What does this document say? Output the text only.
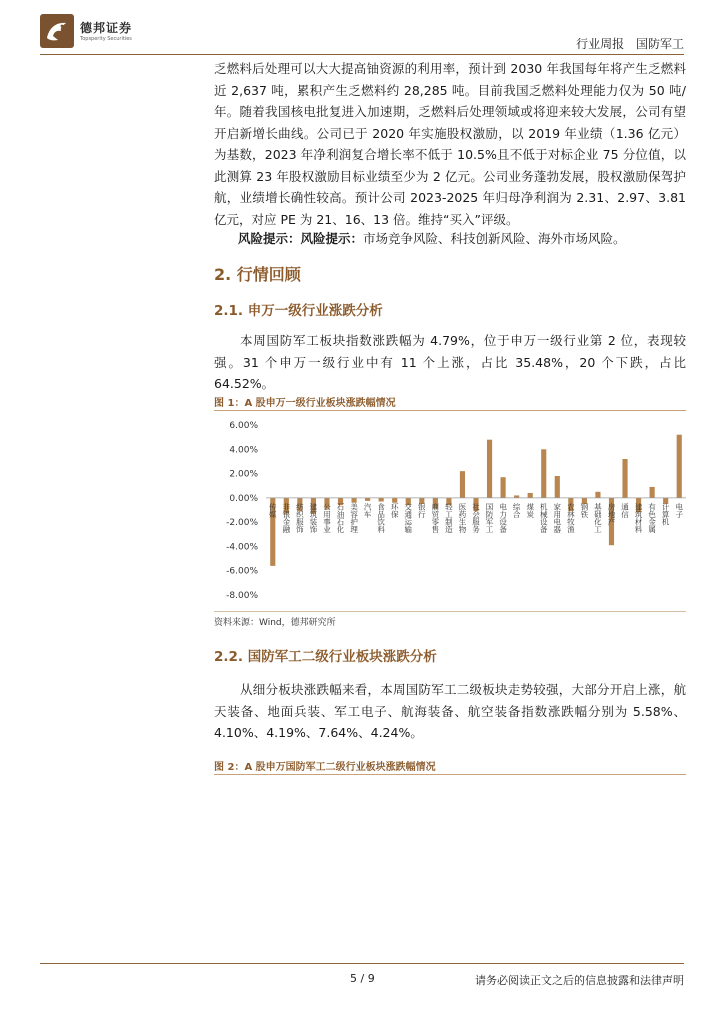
德邦证券
Topsperity Securities	行业周报 国防军工

乏燃料后处理可以大大提高铀资源的利用率，预计到 2030 年我国每年将产生乏燃料近 2,637 吨，累积产生乏燃料约 28,285 吨。目前我国乏燃料处理能力仅为 50 吨/年。随着我国核电批复进入加速期，乏燃料后处理领域或将迎来较大发展，公司有望开启新增长曲线。公司已于 2020 年实施股权激励，以 2019 年业绩（1.36 亿元）为基数，2023 年净利润复合增长率不低于 10.5%且不低于对标企业 75 分位值，以此测算 23 年股权激励目标业绩至少为 2 亿元。公司业务蓬勃发展，股权激励保驾护航，业绩增长确性较高。预计公司 2023-2025 年归母净利润为 2.31、2.97、3.81 亿元，对应 PE 为 21、16、13 倍。维持“买入”评级。

风险提示：风险提示：市场竞争风险、科技创新风险、海外市场风险。

2. 行情回顾
2.1. 申万一级行业涨跌分析

本周国防军工板块指数涨跌幅为 4.79%，位于申万一级行业第 2 位，表现较强。31 个申万一级行业中有 11 个上涨，占比 35.48%，20 个下跌，占比 64.52%。

图 1：A 股申万一级行业板块涨跌幅情况
6.00%
4.00%
2.00%
0.00%
-2.00%
-4.00%
-6.00%
-8.00%
传媒 非银金融 纺织服饰 建筑装饰 公用事业 石油石化 美容护理 汽车 食品饮料 环保 交通运输 银行 商贸零售 轻工制造 医药生物 社会服务 国防军工 电力设备 综合 煤炭 机械设备 家用电器 农林牧渔 钢铁 基础化工 房地产 通信 建筑材料 有色金属 计算机 电子
资料来源：Wind，德邦研究所
2.2. 国防军工二级行业板块涨跌分析

从细分板块涨跌幅来看，本周国防军工二级板块走势较强，大部分开启上涨，航天装备、地面兵装、军工电子、航海装备、航空装备指数涨跌幅分别为 5.58%、4.10%、4.19%、7.64%、4.24%。

图 2：A 股申万国防军工二级行业板块涨跌幅情况
5 / 9	请务必阅读正文之后的信息披露和法律声明
